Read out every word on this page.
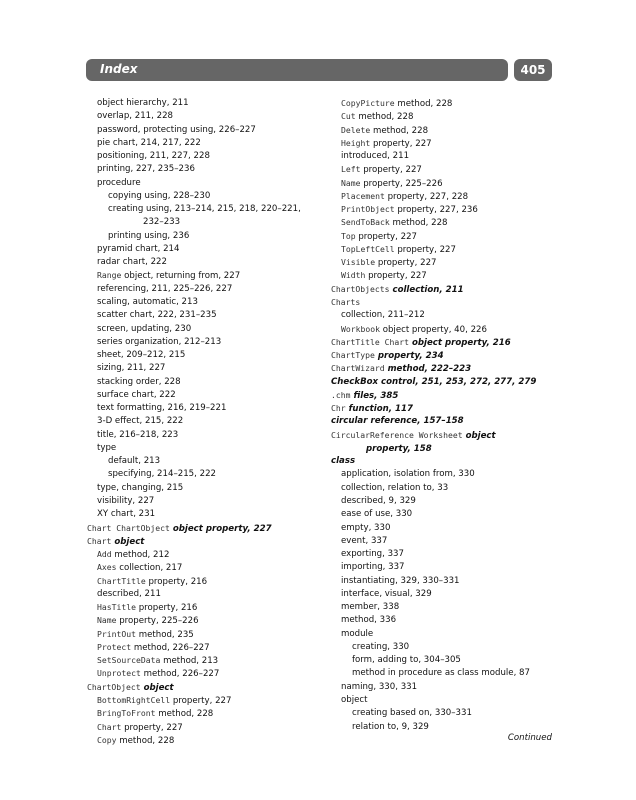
Index	405
object hierarchy, 211
overlap, 211, 228
password, protecting using, 226–227
pie chart, 214, 217, 222
positioning, 211, 227, 228
printing, 227, 235–236
procedure
copying using, 228–230
creating using, 213–214, 215, 218, 220–221,
232–233
printing using, 236
pyramid chart, 214
radar chart, 222
Range object, returning from, 227
referencing, 211, 225–226, 227
scaling, automatic, 213
scatter chart, 222, 231–235
screen, updating, 230
series organization, 212–213
sheet, 209–212, 215
sizing, 211, 227
stacking order, 228
surface chart, 222
text formatting, 216, 219–221
3-D effect, 215, 222
title, 216–218, 223
type
default, 213
specifying, 214–215, 222
type, changing, 215
visibility, 227
XY chart, 231
Chart ChartObject object property, 227
Chart object
Add method, 212
Axes collection, 217
ChartTitle property, 216
described, 211
HasTitle property, 216
Name property, 225–226
PrintOut method, 235
Protect method, 226–227
SetSourceData method, 213
Unprotect method, 226–227
ChartObject object
BottomRightCell property, 227
BringToFront method, 228
Chart property, 227
Copy method, 228
CopyPicture method, 228
Cut method, 228
Delete method, 228
Height property, 227
introduced, 211
Left property, 227
Name property, 225–226
Placement property, 227, 228
PrintObject property, 227, 236
SendToBack method, 228
Top property, 227
TopLeftCell property, 227
Visible property, 227
Width property, 227
ChartObjects collection, 211
Charts
collection, 211–212
Workbook object property, 40, 226
ChartTitle Chart object property, 216
ChartType property, 234
ChartWizard method, 222–223
CheckBox control, 251, 253, 272, 277, 279
.chm files, 385
Chr function, 117
circular reference, 157–158
CircularReference Worksheet object
property, 158
class
application, isolation from, 330
collection, relation to, 33
described, 9, 329
ease of use, 330
empty, 330
event, 337
exporting, 337
importing, 337
instantiating, 329, 330–331
interface, visual, 329
member, 338
method, 336
module
creating, 330
form, adding to, 304–305
method in procedure as class module, 87
naming, 330, 331
object
creating based on, 330–331
relation to, 9, 329
Continued
